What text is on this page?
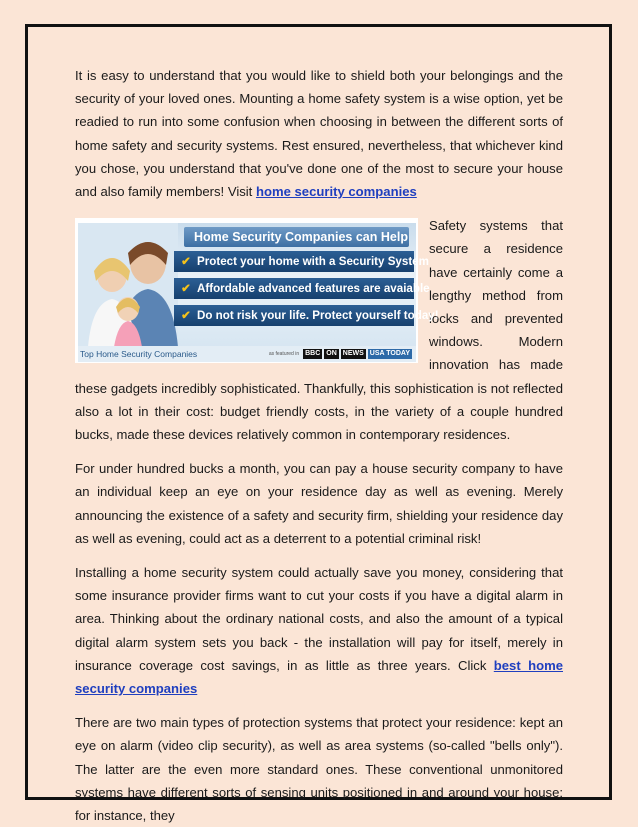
It is easy to understand that you would like to shield both your belongings and the security of your loved ones. Mounting a home safety system is a wise option, yet be readied to run into some confusion when choosing in between the different sorts of home safety and security systems. Rest ensured, nevertheless, that whichever kind you chose, you understand that you've done one of the most to secure your house and also family members! Visit home security companies

Home Security Companies can Help
✔ Protect your home with a Security System
✔ Affordable advanced features are avaiable
✔ Do not risk your life. Protect yourself today!
Top Home Security Companies	as featured in BBC ON NEWS USA TODAY

Safety systems that secure a residence have certainly come a lengthy method from locks and prevented windows. Modern innovation has made these gadgets incredibly sophisticated. Thankfully, this sophistication is not reflected also a lot in their cost: budget friendly costs, in the variety of a couple hundred bucks, made these devices relatively common in contemporary residences.

For under hundred bucks a month, you can pay a house security company to have an individual keep an eye on your residence day as well as evening. Merely announcing the existence of a safety and security firm, shielding your residence day as well as evening, could act as a deterrent to a potential criminal risk!

Installing a home security system could actually save you money, considering that some insurance provider firms want to cut your costs if you have a digital alarm in area. Thinking about the ordinary national costs, and also the amount of a typical digital alarm system sets you back - the installation will pay for itself, merely in insurance coverage cost savings, in as little as three years. Click best home security companies

There are two main types of protection systems that protect your residence: kept an eye on alarm (video clip security), as well as area systems (so-called "bells only"). The latter are the even more standard ones. These conventional unmonitored systems have different sorts of sensing units positioned in and around your house: for instance, they
